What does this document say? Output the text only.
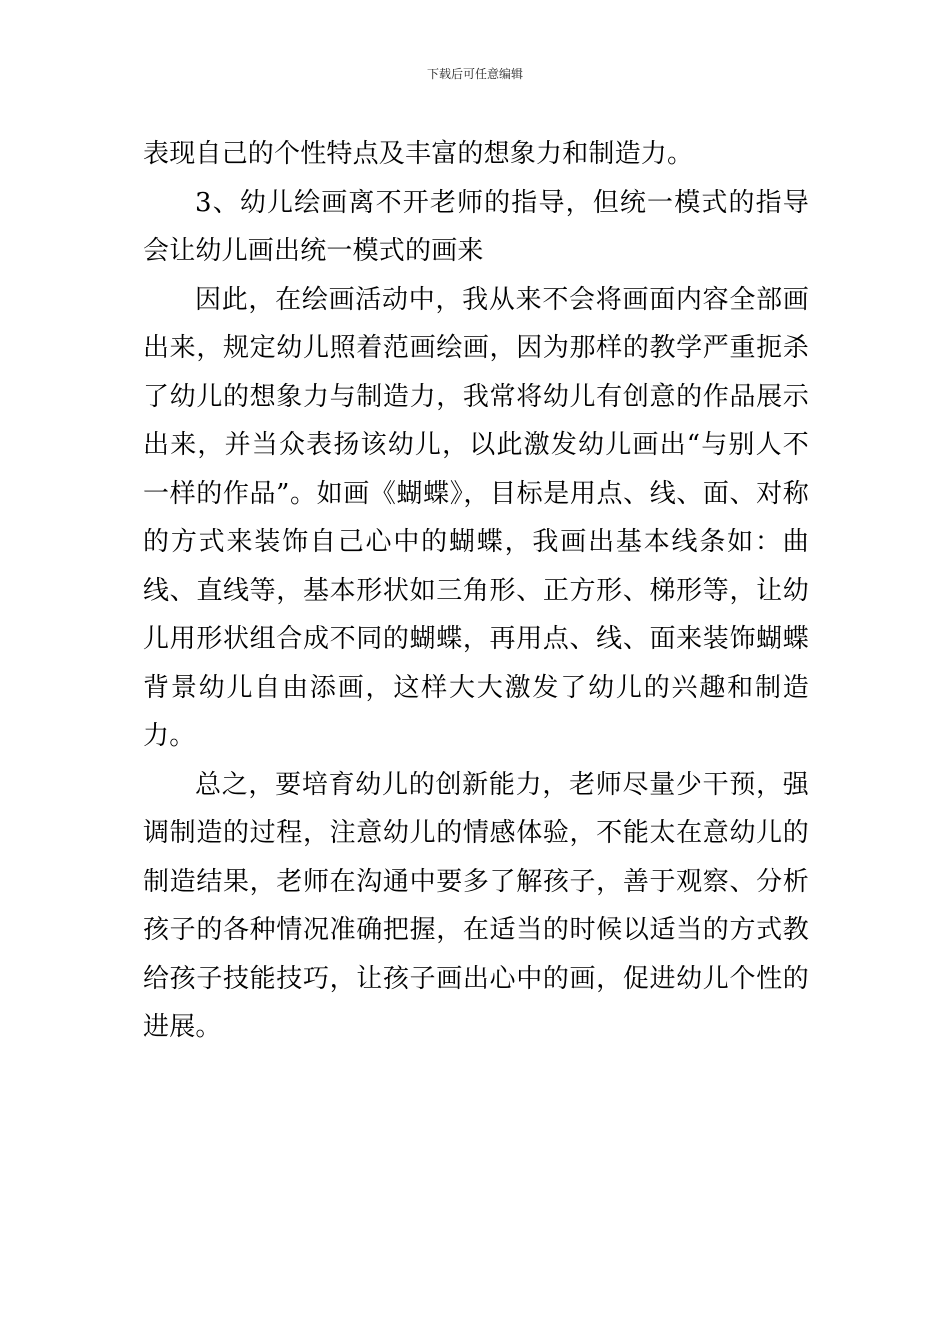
下载后可任意编辑

表现自己的个性特点及丰富的想象力和制造力。

3、幼儿绘画离不开老师的指导，但统一模式的指导会让幼儿画出统一模式的画来

因此，在绘画活动中，我从来不会将画面内容全部画出来，规定幼儿照着范画绘画，因为那样的教学严重扼杀了幼儿的想象力与制造力，我常将幼儿有创意的作品展示出来，并当众表扬该幼儿，以此激发幼儿画出“与别人不一样的作品”。如画《蝴蝶》，目标是用点、线、面、对称的方式来装饰自己心中的蝴蝶，我画出基本线条如：曲线、直线等，基本形状如三角形、正方形、梯形等，让幼儿用形状组合成不同的蝴蝶，再用点、线、面来装饰蝴蝶背景幼儿自由添画，这样大大激发了幼儿的兴趣和制造力。

总之，要培育幼儿的创新能力，老师尽量少干预，强调制造的过程，注意幼儿的情感体验，不能太在意幼儿的制造结果，老师在沟通中要多了解孩子，善于观察、分析孩子的各种情况准确把握，在适当的时候以适当的方式教给孩子技能技巧，让孩子画出心中的画，促进幼儿个性的进展。
